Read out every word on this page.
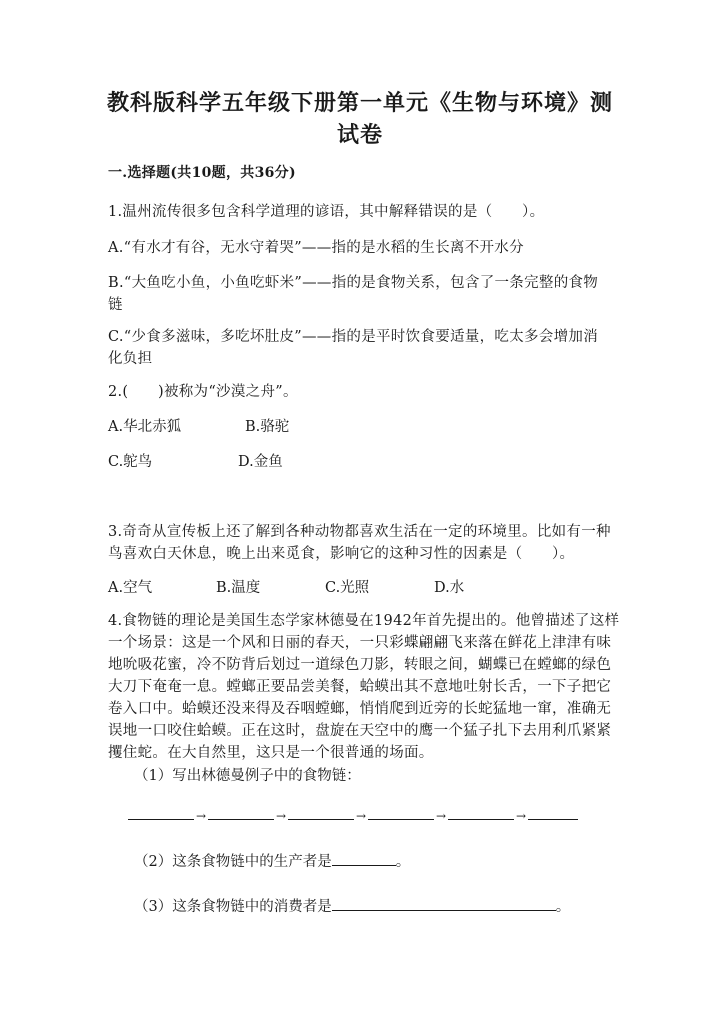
教科版科学五年级下册第一单元《生物与环境》测
试卷
一.选择题(共10题，共36分)
1.温州流传很多包含科学道理的谚语，其中解释错误的是（　　）。
A.“有水才有谷，无水守着哭”——指的是水稻的生长离不开水分
B.“大鱼吃小鱼，小鱼吃虾米”——指的是食物关系，包含了一条完整的食物
链
C.“少食多滋味，多吃坏肚皮”——指的是平时饮食要适量，吃太多会增加消
化负担
2.(　　)被称为“沙漠之舟”。
A.华北赤狐	B.骆驼
C.鸵鸟	D.金鱼
3.奇奇从宣传板上还了解到各种动物都喜欢生活在一定的环境里。比如有一种
鸟喜欢白天休息，晚上出来觅食，影响它的这种习性的因素是（　　）。
A.空气	B.温度	C.光照	D.水
4.食物链的理论是美国生态学家林德曼在1942年首先提出的。他曾描述了这样
一个场景：这是一个风和日丽的春天，一只彩蝶翩翩飞来落在鲜花上津津有味
地吮吸花蜜，冷不防背后划过一道绿色刀影，转眼之间，蝴蝶已在螳螂的绿色
大刀下奄奄一息。螳螂正要品尝美餐，蛤蟆出其不意地吐射长舌，一下子把它
卷入口中。蛤蟆还没来得及吞咽螳螂，悄悄爬到近旁的长蛇猛地一窜，准确无
误地一口咬住蛤蟆。正在这时，盘旋在天空中的鹰一个猛子扎下去用利爪紧紧
攫住蛇。在大自然里，这只是一个很普通的场面。
（1）写出林德曼例子中的食物链：
→	→	→	→	→
（2）这条食物链中的生产者是	。
（3）这条食物链中的消费者是	。
